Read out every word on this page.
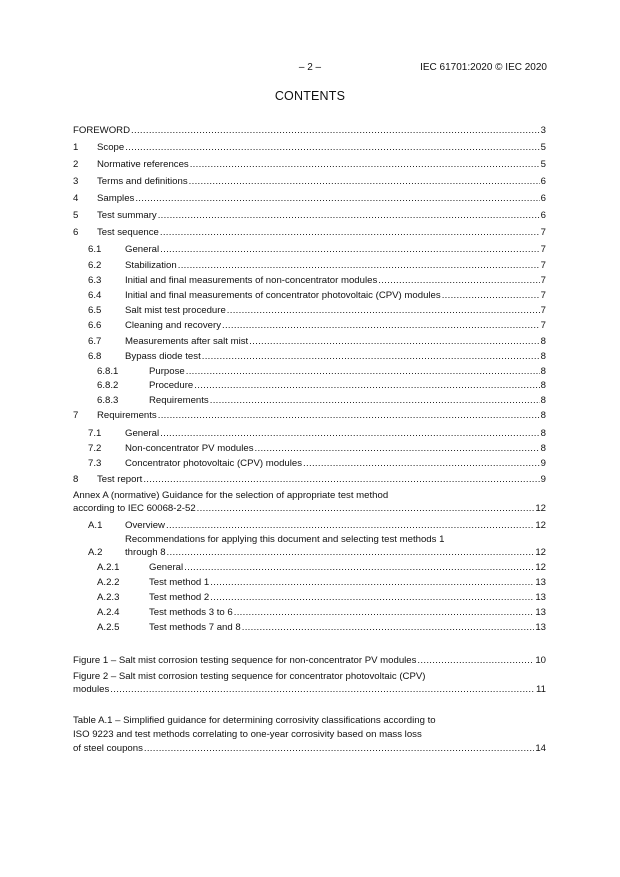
– 2 –	IEC 61701:2020 © IEC 2020
CONTENTS
FOREWORD .....	3
1 Scope .....	5
2 Normative references .....	5
3 Terms and definitions .....	6
4 Samples .....	6
5 Test summary .....	6
6 Test sequence .....	7
6.1 General .....	7
6.2 Stabilization .....	7
6.3 Initial and final measurements of non-concentrator modules .....	7
6.4 Initial and final measurements of concentrator photovoltaic (CPV) modules .....	7
6.5 Salt mist test procedure .....	7
6.6 Cleaning and recovery .....	7
6.7 Measurements after salt mist .....	8
6.8 Bypass diode test .....	8
6.8.1	Purpose .....	8
6.8.2	Procedure .....	8
6.8.3	Requirements .....	8
7 Requirements .....	8
7.1 General .....	8
7.2 Non-concentrator PV modules .....	8
7.3 Concentrator photovoltaic (CPV) modules .....	9
8 Test report .....	9
Annex A (normative) Guidance for the selection of appropriate test method
according to IEC 60068-2-52 .....	12
A.1 Overview .....	12
Recommendations for applying this document and selecting test methods 1
A.2 through 8 .....	12
A.2.1	General .....	12
A.2.2	Test method 1 .....	13
A.2.3	Test method 2 .....	13
A.2.4	Test methods 3 to 6 .....	13
A.2.5	Test methods 7 and 8 .....	13
Figure 1 – Salt mist corrosion testing sequence for non-concentrator PV modules .....	10
Figure 2 – Salt mist corrosion testing sequence for concentrator photovoltaic (CPV)
modules .....	11
Table A.1 – Simplified guidance for determining corrosivity classifications according to
ISO 9223 and test methods correlating to one-year corrosivity based on mass loss
of steel coupons .....	14
